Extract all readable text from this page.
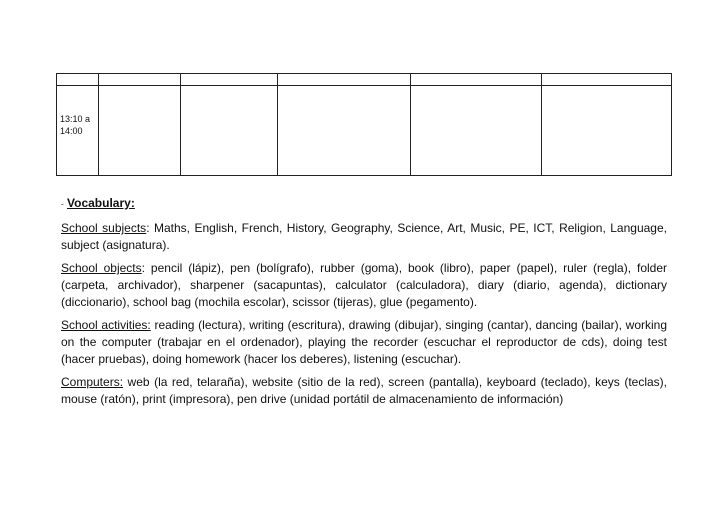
13:10 a
14:00					
- Vocabulary:

School subjects: Maths, English, French, History, Geography, Science, Art, Music, PE, ICT, Religion, Language, subject (asignatura).

School objects: pencil (lápiz), pen (bolígrafo), rubber (goma), book (libro), paper (papel), ruler (regla), folder (carpeta, archivador), sharpener (sacapuntas), calculator (calculadora), diary (diario, agenda), dictionary (diccionario), school bag (mochila escolar), scissor (tijeras), glue (pegamento).

School activities: reading (lectura), writing (escritura), drawing (dibujar), singing (cantar), dancing (bailar), working on the computer (trabajar en el ordenador), playing the recorder (escuchar el reproductor de cds), doing test (hacer pruebas), doing homework (hacer los deberes), listening (escuchar).

Computers: web (la red, telaraña), website (sitio de la red), screen (pantalla), keyboard (teclado), keys (teclas), mouse (ratón), print (impresora), pen drive (unidad portátil de almacenamiento de información)
